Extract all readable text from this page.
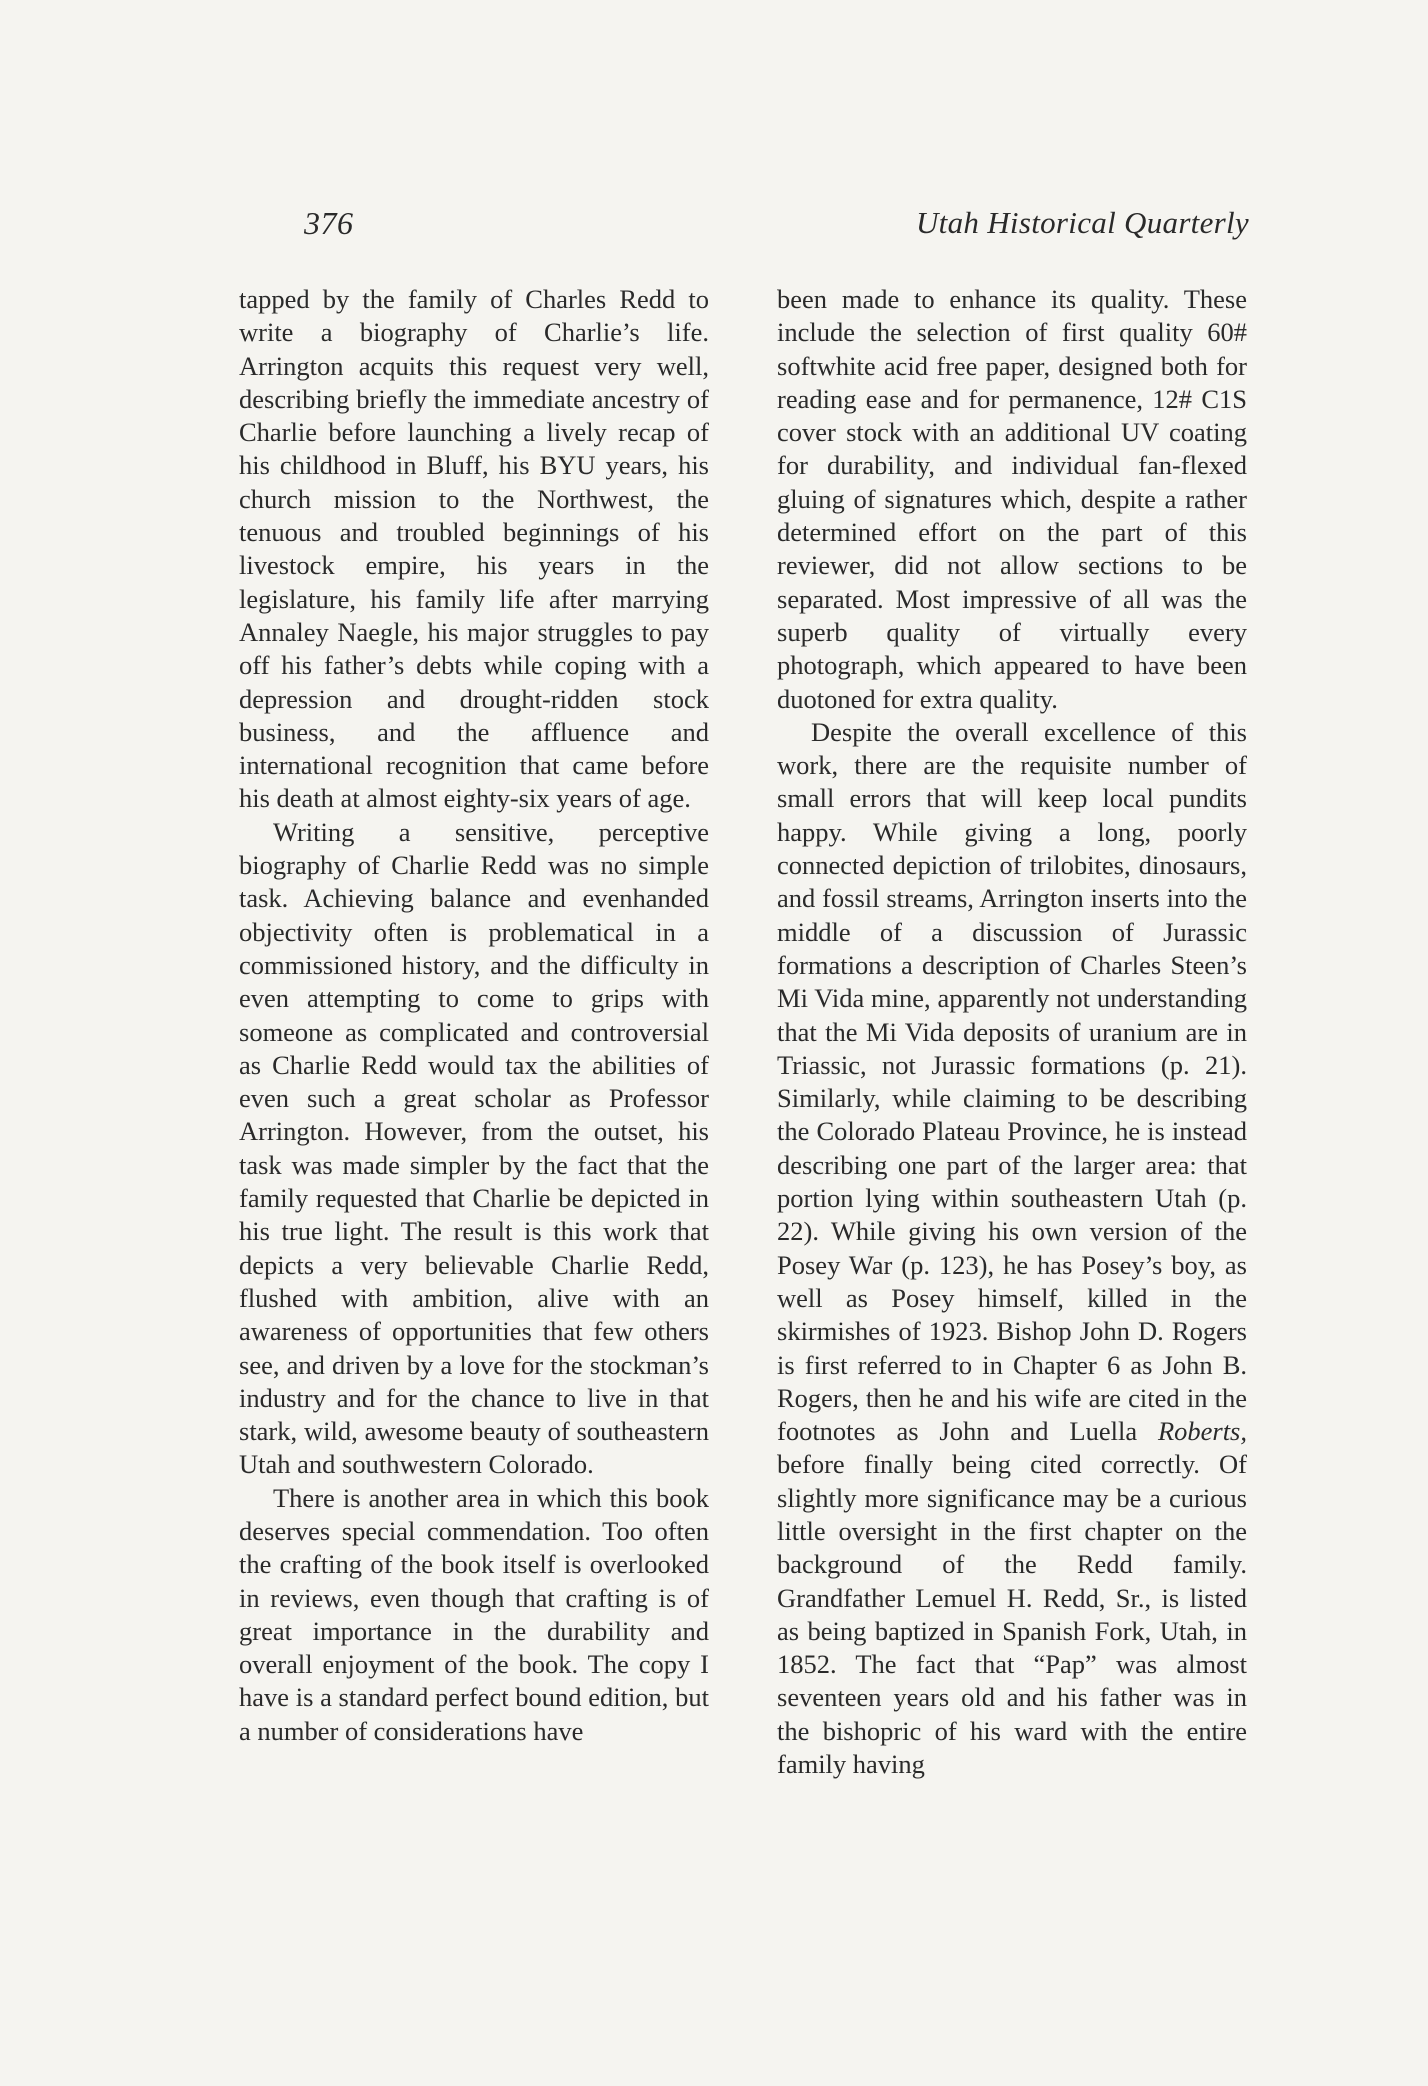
376	Utah Historical Quarterly

tapped by the family of Charles Redd to write a biography of Charlie’s life. Arrington acquits this request very well, describing briefly the immediate ancestry of Charlie before launching a lively recap of his childhood in Bluff, his BYU years, his church mission to the Northwest, the tenuous and troubled beginnings of his livestock empire, his years in the legislature, his family life after marrying Annaley Naegle, his major struggles to pay off his father’s debts while coping with a depression and drought-ridden stock business, and the affluence and international recognition that came before his death at almost eighty-six years of age.

Writing a sensitive, perceptive biography of Charlie Redd was no simple task. Achieving balance and evenhanded objectivity often is problematical in a commissioned history, and the difficulty in even attempting to come to grips with someone as complicated and controversial as Charlie Redd would tax the abilities of even such a great scholar as Professor Arrington. However, from the outset, his task was made simpler by the fact that the family requested that Charlie be depicted in his true light. The result is this work that depicts a very believable Charlie Redd, flushed with ambition, alive with an awareness of opportunities that few others see, and driven by a love for the stockman’s industry and for the chance to live in that stark, wild, awesome beauty of southeastern Utah and southwestern Colorado.

There is another area in which this book deserves special commendation. Too often the crafting of the book itself is overlooked in reviews, even though that crafting is of great importance in the durability and overall enjoyment of the book. The copy I have is a standard perfect bound edition, but a number of considerations have

been made to enhance its quality. These include the selection of first quality 60# softwhite acid free paper, designed both for reading ease and for permanence, 12# C1S cover stock with an additional UV coating for durability, and individual fan-flexed gluing of signatures which, despite a rather determined effort on the part of this reviewer, did not allow sections to be separated. Most impressive of all was the superb quality of virtually every photograph, which appeared to have been duotoned for extra quality.

Despite the overall excellence of this work, there are the requisite number of small errors that will keep local pundits happy. While giving a long, poorly connected depiction of trilobites, dinosaurs, and fossil streams, Arrington inserts into the middle of a discussion of Jurassic formations a description of Charles Steen’s Mi Vida mine, apparently not understanding that the Mi Vida deposits of uranium are in Triassic, not Jurassic formations (p. 21). Similarly, while claiming to be describing the Colorado Plateau Province, he is instead describing one part of the larger area: that portion lying within southeastern Utah (p. 22). While giving his own version of the Posey War (p. 123), he has Posey’s boy, as well as Posey himself, killed in the skirmishes of 1923. Bishop John D. Rogers is first referred to in Chapter 6 as John B. Rogers, then he and his wife are cited in the footnotes as John and Luella Roberts, before finally being cited correctly. Of slightly more significance may be a curious little oversight in the first chapter on the background of the Redd family. Grandfather Lemuel H. Redd, Sr., is listed as being baptized in Spanish Fork, Utah, in 1852. The fact that “Pap” was almost seventeen years old and his father was in the bishopric of his ward with the entire family having
